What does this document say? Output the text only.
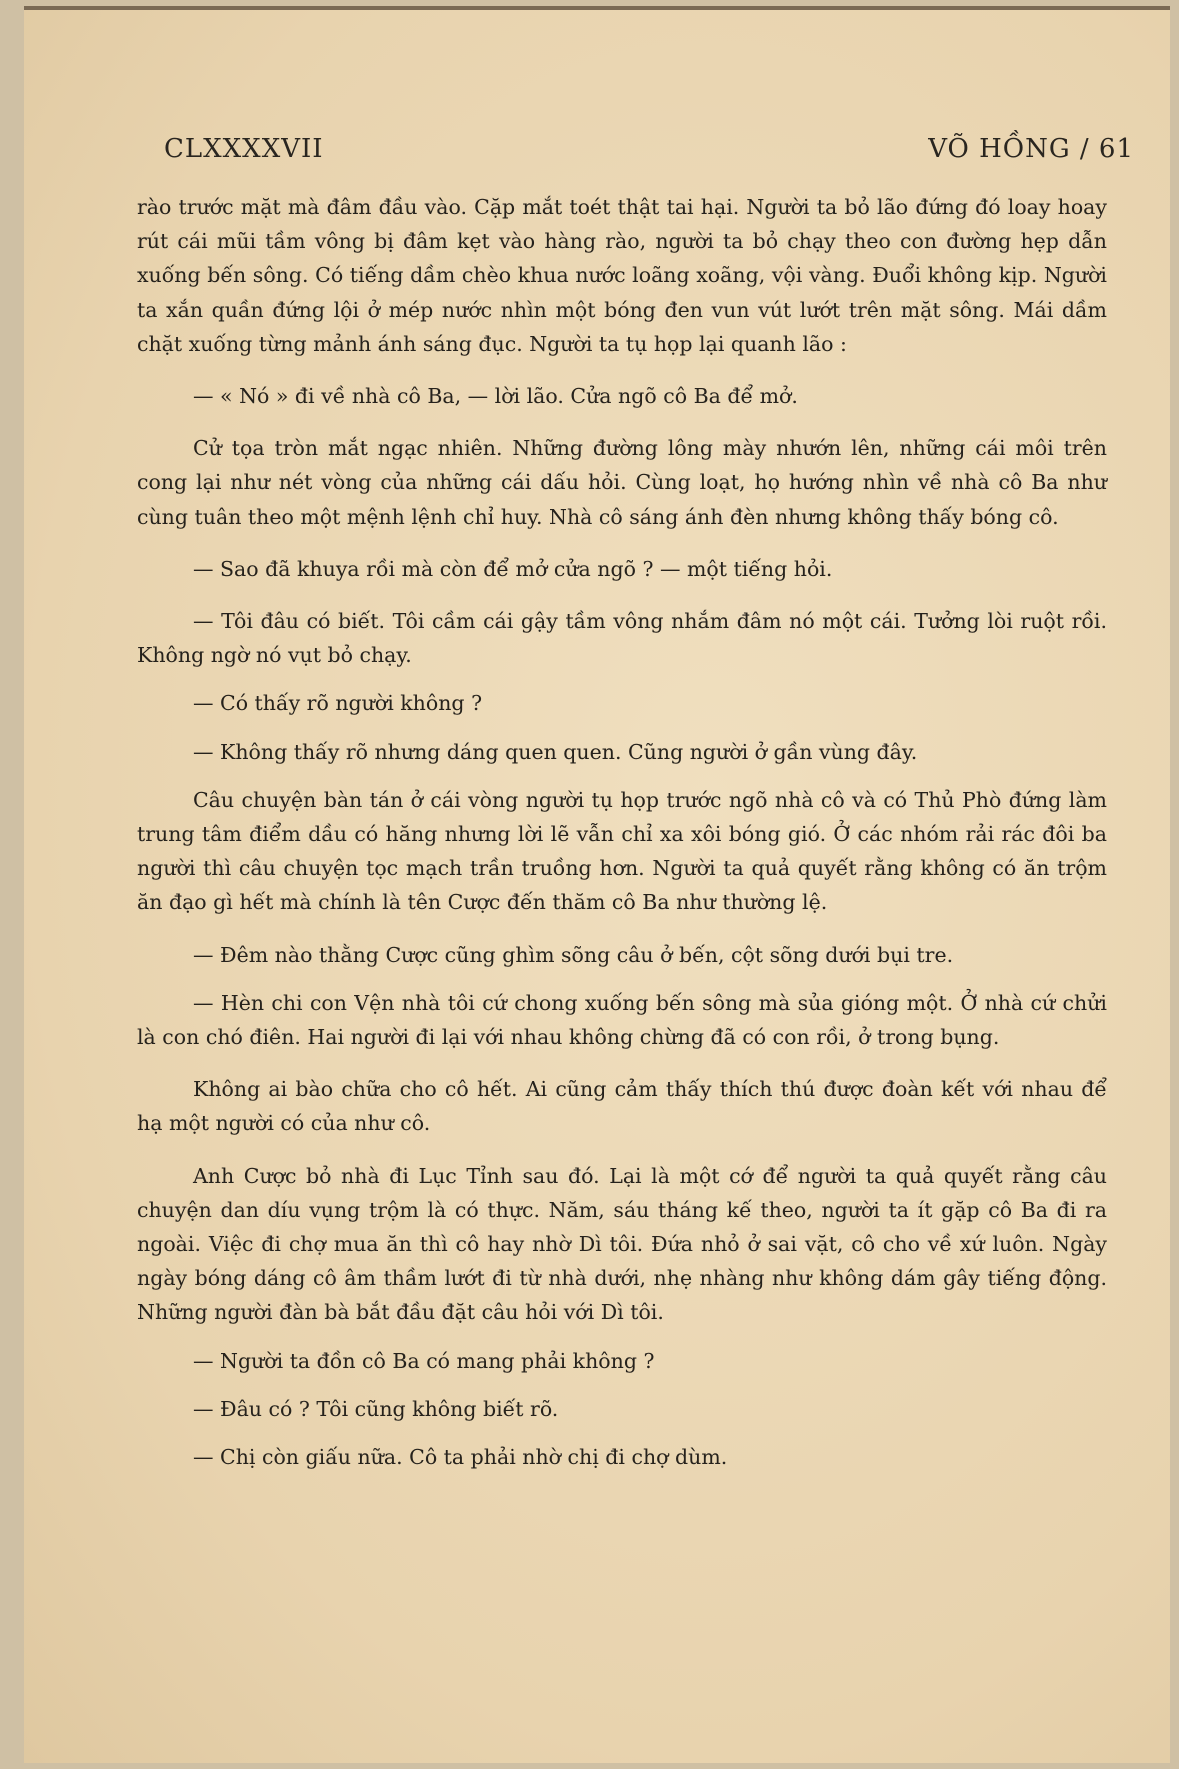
CLXXXXVII	VÕ HỒNG / 61

rào trước mặt mà đâm đầu vào. Cặp mắt toét thật tai hại. Người ta bỏ lão đứng đó loay hoay rút cái mũi tầm vông bị đâm kẹt vào hàng rào, người ta bỏ chạy theo con đường hẹp dẫn xuống bến sông. Có tiếng dầm chèo khua nước loãng xoãng, vội vàng. Đuổi không kịp. Người ta xắn quần đứng lội ở mép nước nhìn một bóng đen vun vút lướt trên mặt sông. Mái dầm chặt xuống từng mảnh ánh sáng đục. Người ta tụ họp lại quanh lão :

— « Nó » đi về nhà cô Ba, — lời lão. Cửa ngõ cô Ba để mở.

Cử tọa tròn mắt ngạc nhiên. Những đường lông mày nhướn lên, những cái môi trên cong lại như nét vòng của những cái dấu hỏi. Cùng loạt, họ hướng nhìn về nhà cô Ba như cùng tuân theo một mệnh lệnh chỉ huy. Nhà cô sáng ánh đèn nhưng không thấy bóng cô.

— Sao đã khuya rồi mà còn để mở cửa ngõ ? — một tiếng hỏi.

— Tôi đâu có biết. Tôi cầm cái gậy tầm vông nhắm đâm nó một cái. Tưởng lòi ruột rồi. Không ngờ nó vụt bỏ chạy.

— Có thấy rõ người không ?

— Không thấy rõ nhưng dáng quen quen. Cũng người ở gần vùng đây.

Câu chuyện bàn tán ở cái vòng người tụ họp trước ngõ nhà cô và có Thủ Phò đứng làm trung tâm điểm dầu có hăng nhưng lời lẽ vẫn chỉ xa xôi bóng gió. Ở các nhóm rải rác đôi ba người thì câu chuyện tọc mạch trần truồng hơn. Người ta quả quyết rằng không có ăn trộm ăn đạo gì hết mà chính là tên Cược đến thăm cô Ba như thường lệ.

— Đêm nào thằng Cược cũng ghìm sõng câu ở bến, cột sõng dưới bụi tre.

— Hèn chi con Vện nhà tôi cứ chong xuống bến sông mà sủa gióng một. Ở nhà cứ chửi là con chó điên. Hai người đi lại với nhau không chừng đã có con rồi, ở trong bụng.

Không ai bào chữa cho cô hết. Ai cũng cảm thấy thích thú được đoàn kết với nhau để hạ một người có của như cô.

Anh Cược bỏ nhà đi Lục Tỉnh sau đó. Lại là một cớ để người ta quả quyết rằng câu chuyện dan díu vụng trộm là có thực. Năm, sáu tháng kế theo, người ta ít gặp cô Ba đi ra ngoài. Việc đi chợ mua ăn thì cô hay nhờ Dì tôi. Đứa nhỏ ở sai vặt, cô cho về xứ luôn. Ngày ngày bóng dáng cô âm thầm lướt đi từ nhà dưới, nhẹ nhàng như không dám gây tiếng động. Những người đàn bà bắt đầu đặt câu hỏi với Dì tôi.

— Người ta đồn cô Ba có mang phải không ?

— Đâu có ? Tôi cũng không biết rõ.

— Chị còn giấu nữa. Cô ta phải nhờ chị đi chợ dùm.
